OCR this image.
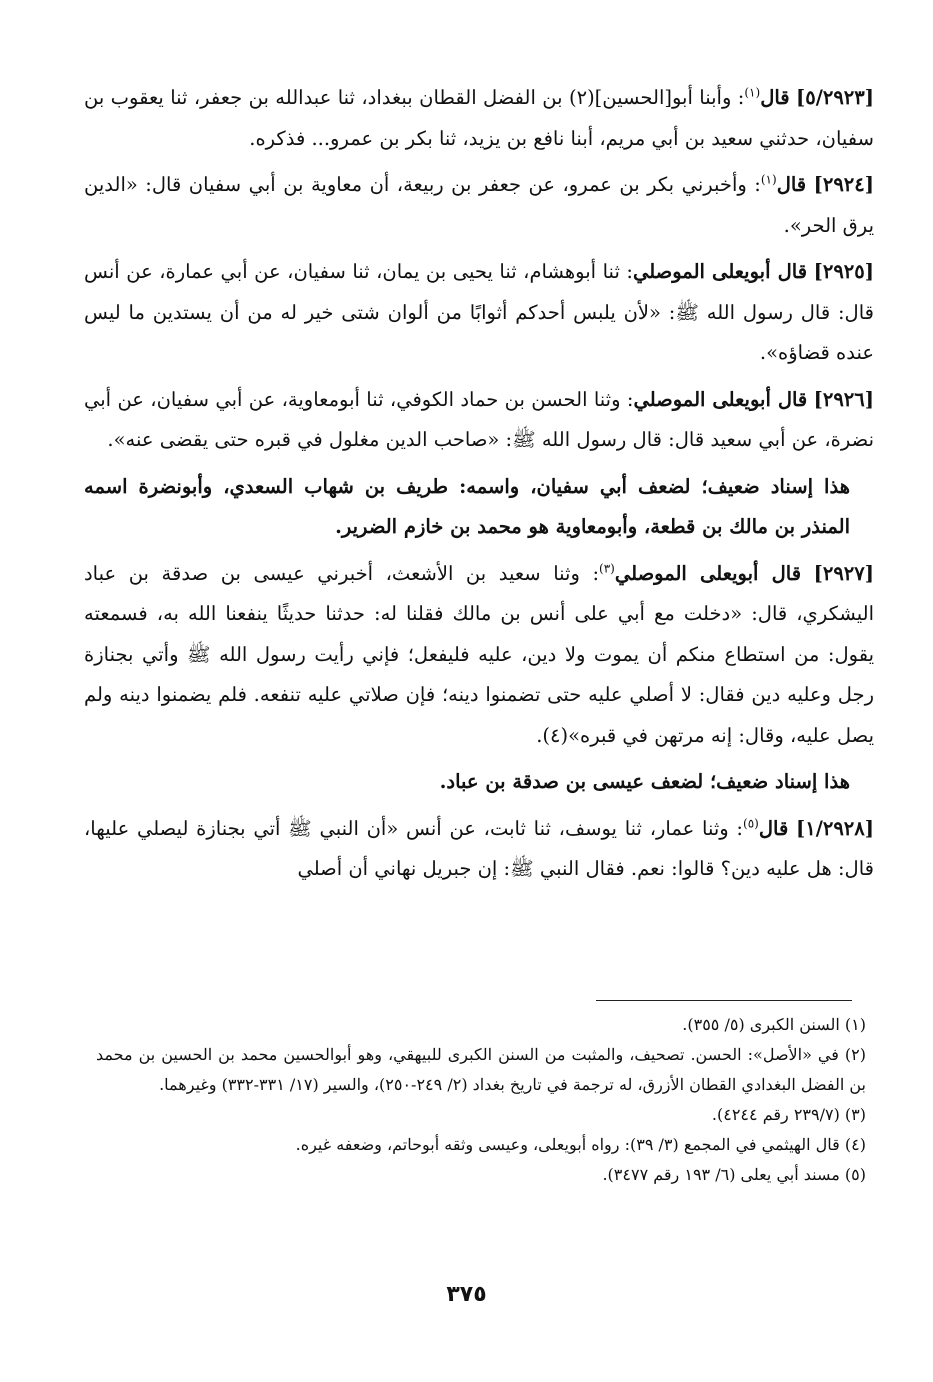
[٥/٢٩٢٣] قال$^{(١)}$: وأبنا أبو[الحسين](٢) بن الفضل القطان ببغداد، ثنا عبدالله بن جعفر، ثنا يعقوب بن سفيان، حدثني سعيد بن أبي مريم، أبنا نافع بن يزيد، ثنا بكر بن عمرو... فذكره.

[٢٩٢٤] قال$^{(١)}$: وأخبرني بكر بن عمرو، عن جعفر بن ربيعة، أن معاوية بن أبي سفيان قال: «الدين يرق الحر».

[٢٩٢٥] قال أبويعلى الموصلي: ثنا أبوهشام، ثنا يحيى بن يمان، ثنا سفيان، عن أبي عمارة، عن أنس قال: قال رسول الله ﷺ: «لأن يلبس أحدكم أثوابًا من ألوان شتى خير له من أن يستدين ما ليس عنده قضاؤه».

[٢٩٢٦] قال أبويعلى الموصلي: وثنا الحسن بن حماد الكوفي، ثنا أبومعاوية، عن أبي سفيان، عن أبي نضرة، عن أبي سعيد قال: قال رسول الله ﷺ: «صاحب الدين مغلول في قبره حتى يقضى عنه».

هذا إسناد ضعيف؛ لضعف أبي سفيان، واسمه: طريف بن شهاب السعدي، وأبونضرة اسمه المنذر بن مالك بن قطعة، وأبومعاوية هو محمد بن خازم الضرير.

[٢٩٢٧] قال أبويعلى الموصلي$^{(٣)}$: وثنا سعيد بن الأشعث، أخبرني عيسى بن صدقة بن عباد اليشكري، قال: «دخلت مع أبي على أنس بن مالك فقلنا له: حدثنا حديثًا ينفعنا الله به، فسمعته يقول: من استطاع منكم أن يموت ولا دين، عليه فليفعل؛ فإني رأيت رسول الله ﷺ وأتي بجنازة رجل وعليه دين فقال: لا أصلي عليه حتى تضمنوا دينه؛ فإن صلاتي عليه تنفعه. فلم يضمنوا دينه ولم يصل عليه، وقال: إنه مرتهن في قبره»(٤).

هذا إسناد ضعيف؛ لضعف عيسى بن صدقة بن عباد.

[١/٢٩٢٨] قال$^{(٥)}$: وثنا عمار، ثنا يوسف، ثنا ثابت، عن أنس «أن النبي ﷺ أتي بجنازة ليصلي عليها، قال: هل عليه دين؟ قالوا: نعم. فقال النبي ﷺ: إن جبريل نهاني أن أصلي

(١) السنن الكبرى (٥/ ٣٥٥).

(٢) في «الأصل»: الحسن. تصحيف، والمثبت من السنن الكبرى للبيهقي، وهو أبوالحسين محمد بن الحسين بن محمد بن الفضل البغدادي القطان الأزرق، له ترجمة في تاريخ بغداد (٢/ ٢٤٩-٢٥٠)، والسير (١٧/ ٣٣١-٣٣٢) وغيرهما.

(٣) (٢٣٩/٧ رقم ٤٢٤٤).

(٤) قال الهيثمي في المجمع (٣/ ٣٩): رواه أبويعلى، وعيسى وثقه أبوحاتم، وضعفه غيره.

(٥) مسند أبي يعلى (٦/ ١٩٣ رقم ٣٤٧٧).

٣٧٥
